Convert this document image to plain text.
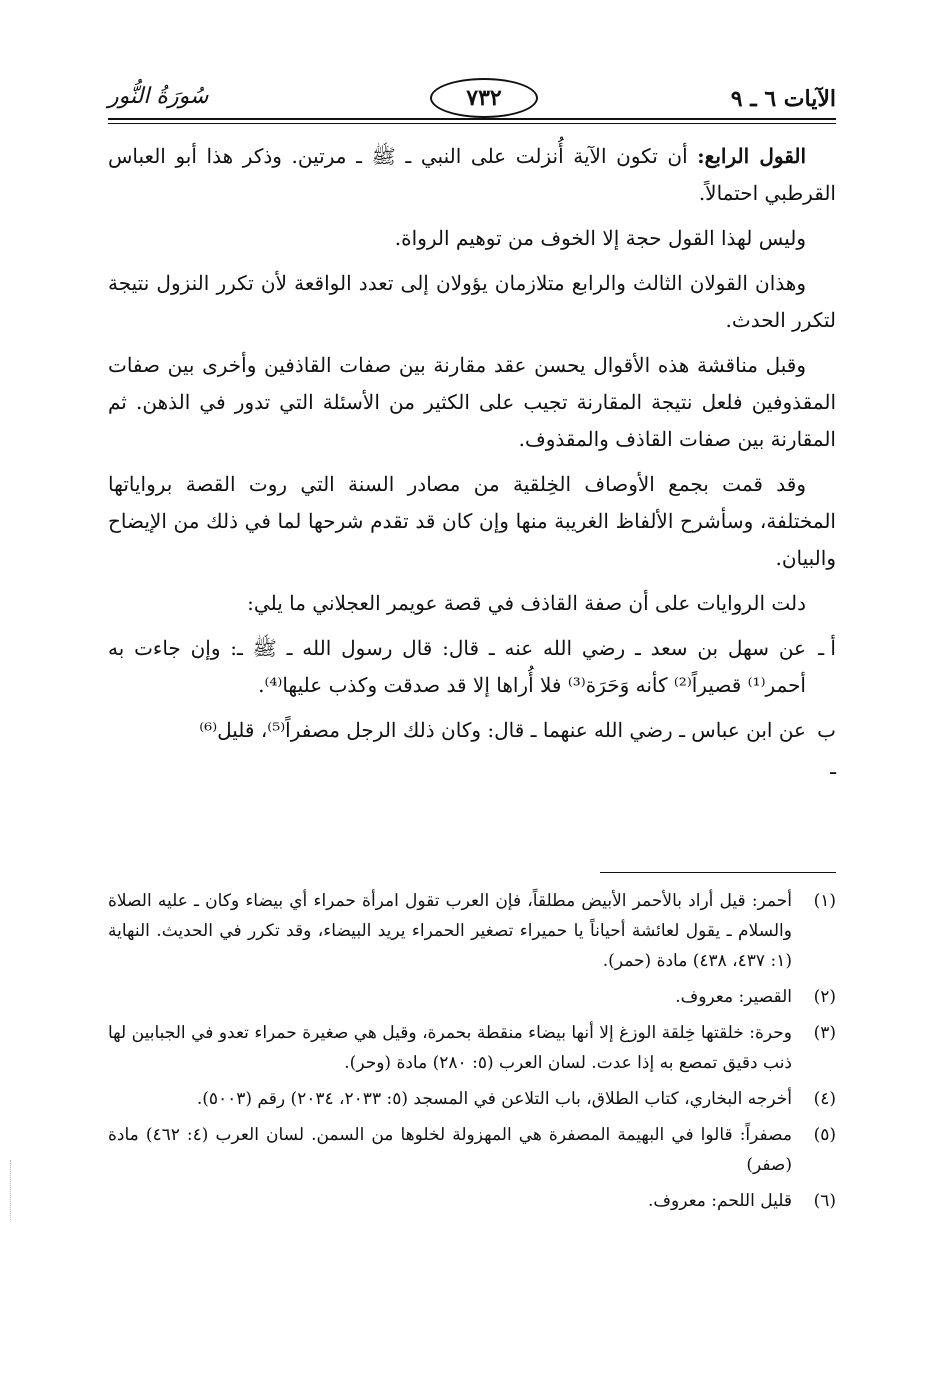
الآيات ٦ ـ ٩
٧٣٢
سُورَةُ النُّور

القول الرابع: أن تكون الآية أُنزلت على النبي ـ ﷺ ـ مرتين. وذكر هذا أبو العباس القرطبي احتمالاً.

وليس لهذا القول حجة إلا الخوف من توهيم الرواة.

وهذان القولان الثالث والرابع متلازمان يؤولان إلى تعدد الواقعة لأن تكرر النزول نتيجة لتكرر الحدث.

وقبل مناقشة هذه الأقوال يحسن عقد مقارنة بين صفات القاذفين وأخرى بين صفات المقذوفين فلعل نتيجة المقارنة تجيب على الكثير من الأسئلة التي تدور في الذهن. ثم المقارنة بين صفات القاذف والمقذوف.

وقد قمت بجمع الأوصاف الخِلقية من مصادر السنة التي روت القصة برواياتها المختلفة، وسأشرح الألفاظ الغريبة منها وإن كان قد تقدم شرحها لما في ذلك من الإيضاح والبيان.

دلت الروايات على أن صفة القاذف في قصة عويمر العجلاني ما يلي:

أ ـ
عن سهل بن سعد ـ رضي الله عنه ـ قال: قال رسول الله ـ ﷺ ـ: وإن جاءت به أحمر⁽¹⁾ قصيراً⁽²⁾ كأنه وَحَرَة⁽³⁾ فلا أُراها إلا قد صدقت وكذب عليها⁽⁴⁾.
ب ـ
عن ابن عباس ـ رضي الله عنهما ـ قال: وكان ذلك الرجل مصفراً⁽⁵⁾، قليل⁽⁶⁾
(١)
أحمر: قيل أراد بالأحمر الأبيض مطلقاً، فإن العرب تقول امرأة حمراء أي بيضاء وكان ـ عليه الصلاة والسلام ـ يقول لعائشة أحياناً يا حميراء تصغير الحمراء يريد البيضاء، وقد تكرر في الحديث. النهاية (١: ٤٣٧، ٤٣٨) مادة (حمر).
(٢)
القصير: معروف.
(٣)
وحرة: خلقتها خِلقة الوزغ إلا أنها بيضاء منقطة بحمرة، وقيل هي صغيرة حمراء تعدو في الجبابين لها ذنب دقيق تمصع به إذا عدت. لسان العرب (٥: ٢٨٠) مادة (وحر).
(٤)
أخرجه البخاري، كتاب الطلاق، باب التلاعن في المسجد (٥: ٢٠٣٣، ٢٠٣٤) رقم (٥٠٠٣).
(٥)
مصفراً: قالوا في البهيمة المصفرة هي المهزولة لخلوها من السمن. لسان العرب (٤: ٤٦٢) مادة (صفر)
(٦)
قليل اللحم: معروف.
